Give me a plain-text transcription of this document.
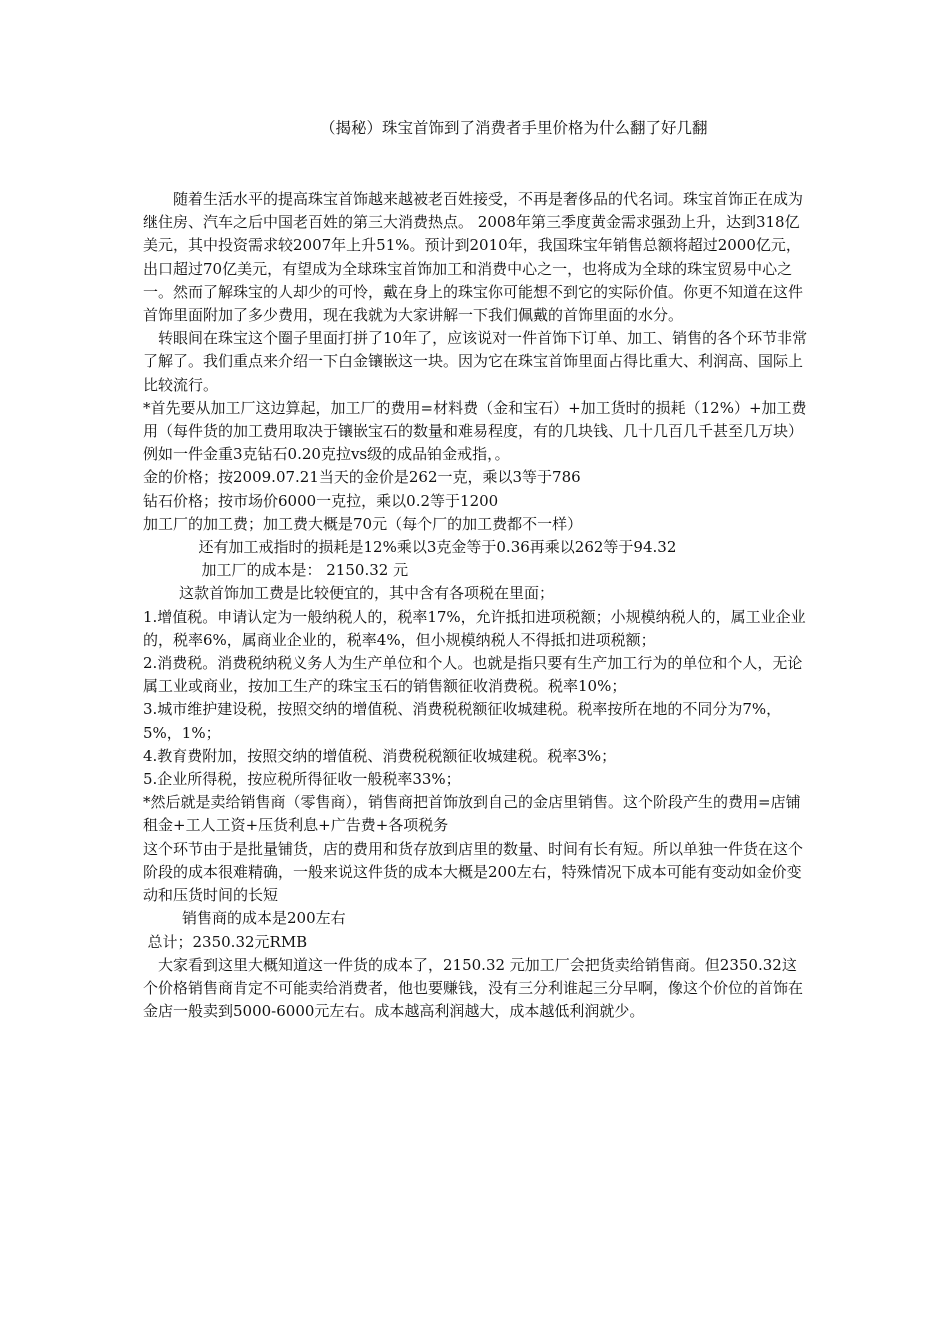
（揭秘）珠宝首饰到了消费者手里价格为什么翻了好几翻

随着生活水平的提高珠宝首饰越来越被老百姓接受，不再是奢侈品的代名词。珠宝首饰正在成为继住房、汽车之后中国老百姓的第三大消费热点。 2008年第三季度黄金需求强劲上升，达到318亿美元，其中投资需求较2007年上升51%。预计到2010年，我国珠宝年销售总额将超过2000亿元，出口超过70亿美元，有望成为全球珠宝首饰加工和消费中心之一，也将成为全球的珠宝贸易中心之一。然而了解珠宝的人却少的可怜，戴在身上的珠宝你可能想不到它的实际价值。你更不知道在这件首饰里面附加了多少费用，现在我就为大家讲解一下我们佩戴的首饰里面的水分。

转眼间在珠宝这个圈子里面打拼了10年了，应该说对一件首饰下订单、加工、销售的各个环节非常了解了。我们重点来介绍一下白金镶嵌这一块。因为它在珠宝首饰里面占得比重大、利润高、国际上比较流行。

*首先要从加工厂这边算起，加工厂的费用=材料费（金和宝石）+加工货时的损耗（12%）+加工费用（每件货的加工费用取决于镶嵌宝石的数量和难易程度，有的几块钱、几十几百几千甚至几万块）

例如一件金重3克钻石0.20克拉vs级的成品铂金戒指，。

金的价格；按2009.07.21当天的金价是262一克，乘以3等于786

钻石价格；按市场价6000一克拉，乘以0.2等于1200

加工厂的加工费；加工费大概是70元（每个厂的加工费都不一样）

还有加工戒指时的损耗是12%乘以3克金等于0.36再乘以262等于94.32

加工厂的成本是： 2150.32 元

这款首饰加工费是比较便宜的，其中含有各项税在里面；

1.增值税。申请认定为一般纳税人的，税率17%，允许抵扣进项税额；小规模纳税人的，属工业企业的，税率6%，属商业企业的，税率4%，但小规模纳税人不得抵扣进项税额；

2.消费税。消费税纳税义务人为生产单位和个人。也就是指只要有生产加工行为的单位和个人，无论属工业或商业，按加工生产的珠宝玉石的销售额征收消费税。税率10%；

3.城市维护建设税，按照交纳的增值税、消费税税额征收城建税。税率按所在地的不同分为7%，5%，1%；

4.教育费附加，按照交纳的增值税、消费税税额征收城建税。税率3%；

5.企业所得税，按应税所得征收一般税率33%；

*然后就是卖给销售商（零售商），销售商把首饰放到自己的金店里销售。这个阶段产生的费用=店铺租金+工人工资+压货利息+广告费+各项税务

这个环节由于是批量铺货，店的费用和货存放到店里的数量、时间有长有短。所以单独一件货在这个阶段的成本很难精确，一般来说这件货的成本大概是200左右，特殊情况下成本可能有变动如金价变动和压货时间的长短

销售商的成本是200左右

总计；2350.32元RMB

大家看到这里大概知道这一件货的成本了，2150.32 元加工厂会把货卖给销售商。但2350.32这个价格销售商肯定不可能卖给消费者，他也要赚钱，没有三分利谁起三分早啊，像这个价位的首饰在金店一般卖到5000-6000元左右。成本越高利润越大，成本越低利润就少。
